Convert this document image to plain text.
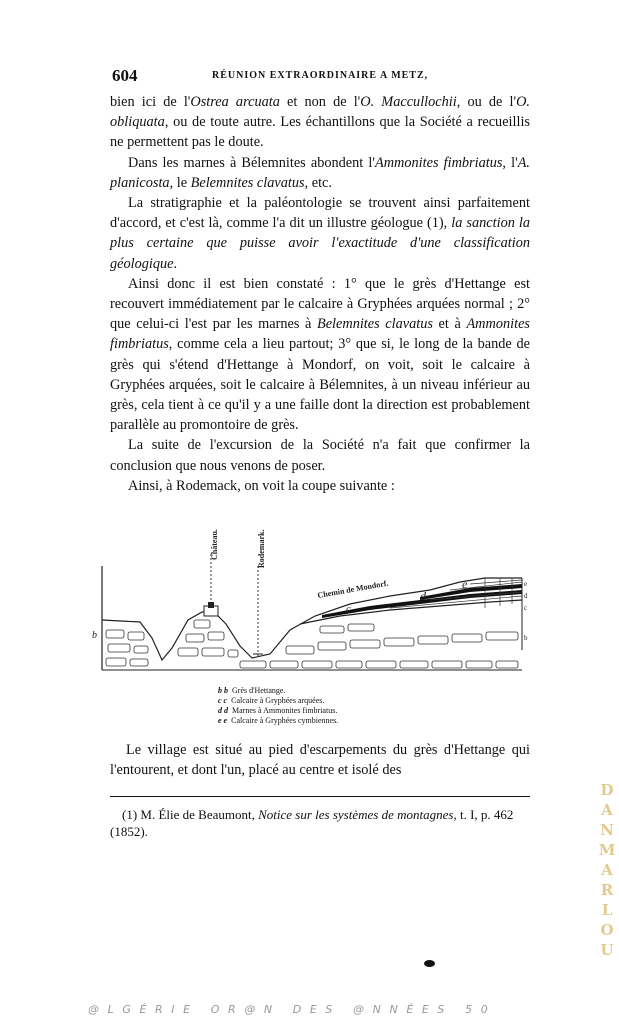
604	RÉUNION EXTRAORDINAIRE A METZ,

bien ici de l'Ostrea arcuata et non de l'O. Maccullochii, ou de l'O. obliquata, ou de toute autre. Les échantillons que la Société a recueillis ne permettent pas le doute.

Dans les marnes à Bélemnites abondent l'Ammonites fimbriatus, l'A. planicosta, le Belemnites clavatus, etc.

La stratigraphie et la paléontologie se trouvent ainsi parfaitement d'accord, et c'est là, comme l'a dit un illustre géologue (1), la sanction la plus certaine que puisse avoir l'exactitude d'une classification géologique.

Ainsi donc il est bien constaté : 1° que le grès d'Hettange est recouvert immédiatement par le calcaire à Gryphées arquées normal ; 2° que celui-ci l'est par les marnes à Belemnites clavatus et à Ammonites fimbriatus, comme cela a lieu partout; 3° que si, le long de la bande de grès qui s'étend d'Hettange à Mondorf, on voit, soit le calcaire à Gryphées arquées, soit le calcaire à Bélemnites, à un niveau inférieur au grès, cela tient à ce qu'il y a une faille dont la direction est probablement parallèle au promontoire de grès.

La suite de l'excursion de la Société n'a fait que confirmer la conclusion que nous venons de poser.

Ainsi, à Rodemack, on voit la coupe suivante :

Château.	Rodemark.
Chemin de Mondorf.
b
c
d
e	e
d
c
b
b b Grès d'Hettange.
c c Calcaire à Gryphées arquées.
d d Marnes à Ammonites fimbriatus.
e e Calcaire à Gryphées cymbiennes.

Le village est situé au pied d'escarpements du grès d'Hettange qui l'entourent, et dont l'un, placé au centre et isolé des

(1) M. Élie de Beaumont, Notice sur les systèmes de montagnes, t. I, p. 462 (1852).

D
A
N
M
A
R
L
O
U
@LGÉRIE OR@N DES @NNÉES 50
